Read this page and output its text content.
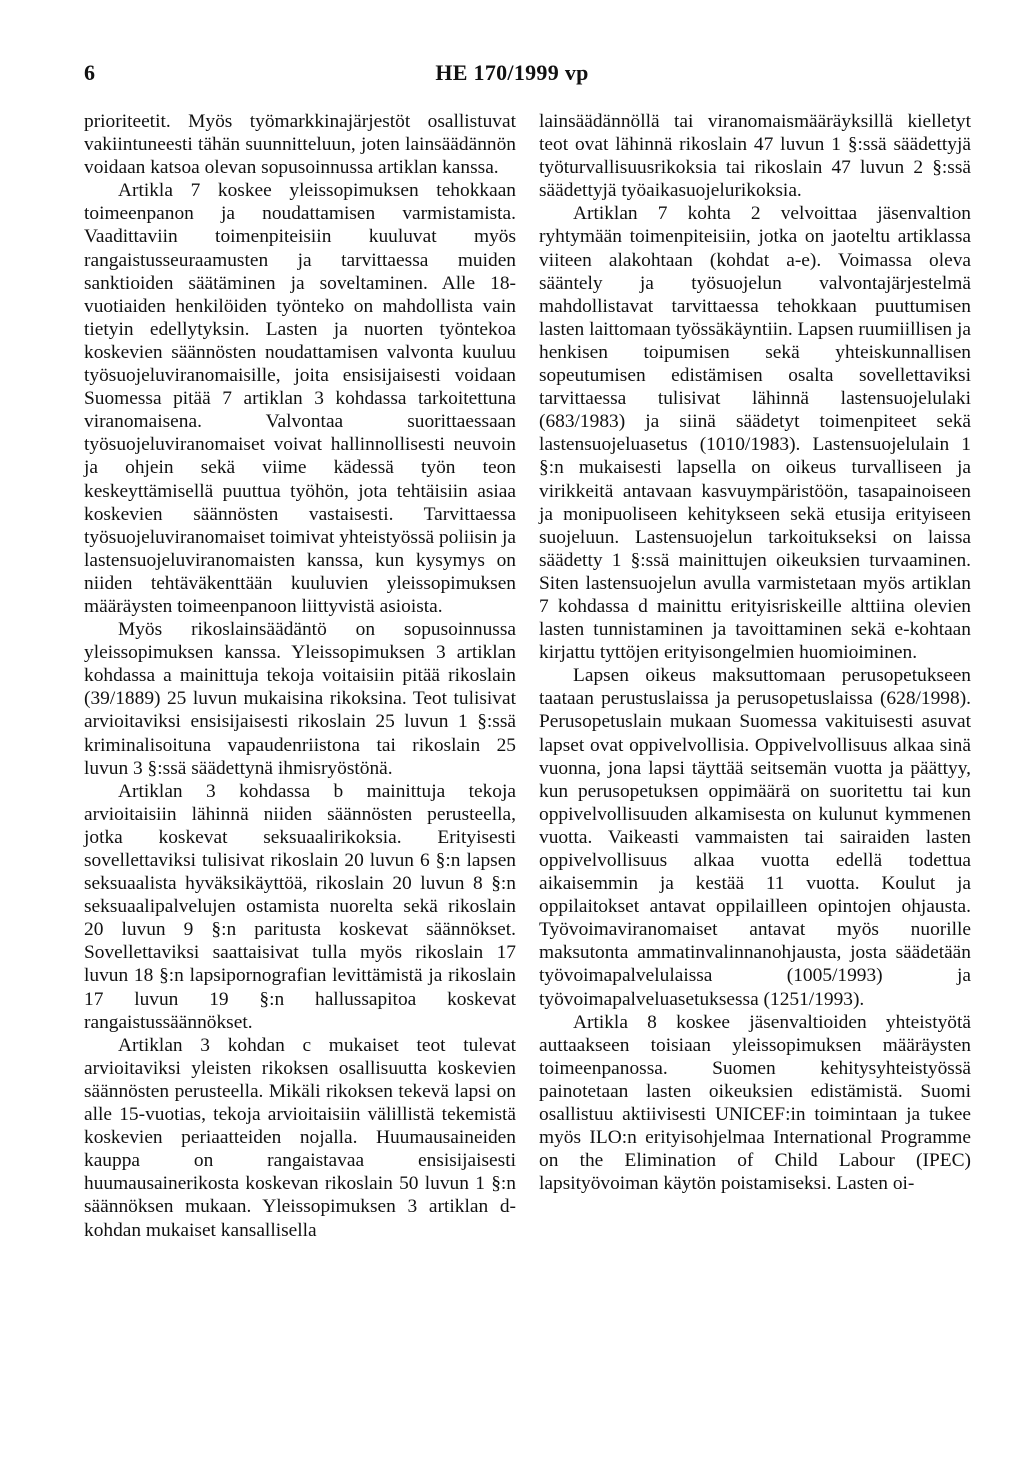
6	HE 170/1999 vp

prioriteetit. Myös työmarkkinajärjestöt osallistuvat vakiintuneesti tähän suunnitteluun, joten lainsäädännön voidaan katsoa olevan sopusoinnussa artiklan kanssa.

Artikla 7 koskee yleissopimuksen tehokkaan toimeenpanon ja noudattamisen varmistamista. Vaadittaviin toimenpiteisiin kuuluvat myös rangaistusseuraamusten ja tarvittaessa muiden sanktioiden säätäminen ja soveltaminen. Alle 18-vuotiaiden henkilöiden työnteko on mahdollista vain tietyin edellytyksin. Lasten ja nuorten työntekoa koskevien säännösten noudattamisen valvonta kuuluu työsuojeluviranomaisille, joita ensisijaisesti voidaan Suomessa pitää 7 artiklan 3 kohdassa tarkoitettuna viranomaisena. Valvontaa suorittaessaan työsuojeluviranomaiset voivat hallinnollisesti neuvoin ja ohjein sekä viime kädessä työn teon keskeyttämisellä puuttua työhön, jota tehtäisiin asiaa koskevien säännösten vastaisesti. Tarvittaessa työsuojeluviranomaiset toimivat yhteistyössä poliisin ja lastensuojeluviranomaisten kanssa, kun kysymys on niiden tehtäväkenttään kuuluvien yleissopimuksen määräysten toimeenpanoon liittyvistä asioista.

Myös rikoslainsäädäntö on sopusoinnussa yleissopimuksen kanssa. Yleissopimuksen 3 artiklan kohdassa a mainittuja tekoja voitaisiin pitää rikoslain (39/1889) 25 luvun mukaisina rikoksina. Teot tulisivat arvioitaviksi ensisijaisesti rikoslain 25 luvun 1 §:ssä kriminalisoituna vapaudenriistona tai rikoslain 25 luvun 3 §:ssä säädettynä ihmisryöstönä.

Artiklan 3 kohdassa b mainittuja tekoja arvioitaisiin lähinnä niiden säännösten perusteella, jotka koskevat seksuaalirikoksia. Erityisesti sovellettaviksi tulisivat rikoslain 20 luvun 6 §:n lapsen seksuaalista hyväksikäyttöä, rikoslain 20 luvun 8 §:n seksuaalipalvelujen ostamista nuorelta sekä rikoslain 20 luvun 9 §:n paritusta koskevat säännökset. Sovellettaviksi saattaisivat tulla myös rikoslain 17 luvun 18 §:n lapsipornografian levittämistä ja rikoslain 17 luvun 19 §:n hallussapitoa koskevat rangaistussäännökset.

Artiklan 3 kohdan c mukaiset teot tulevat arvioitaviksi yleisten rikoksen osallisuutta koskevien säännösten perusteella. Mikäli rikoksen tekevä lapsi on alle 15-vuotias, tekoja arvioitaisiin välillistä tekemistä koskevien periaatteiden nojalla. Huumausaineiden kauppa on rangaistavaa ensisijaisesti huumausainerikosta koskevan rikoslain 50 luvun 1 §:n säännöksen mukaan. Yleissopimuksen 3 artiklan d-kohdan mukaiset kansallisella

lainsäädännöllä tai viranomaismääräyksillä kielletyt teot ovat lähinnä rikoslain 47 luvun 1 §:ssä säädettyjä työturvallisuusrikoksia tai rikoslain 47 luvun 2 §:ssä säädettyjä työaikasuojelurikoksia.

Artiklan 7 kohta 2 velvoittaa jäsenvaltion ryhtymään toimenpiteisiin, jotka on jaoteltu artiklassa viiteen alakohtaan (kohdat a-e). Voimassa oleva sääntely ja työsuojelun valvontajärjestelmä mahdollistavat tarvittaessa tehokkaan puuttumisen lasten laittomaan työssäkäyntiin. Lapsen ruumiillisen ja henkisen toipumisen sekä yhteiskunnallisen sopeutumisen edistämisen osalta sovellettaviksi tarvittaessa tulisivat lähinnä lastensuojelulaki (683/1983) ja siinä säädetyt toimenpiteet sekä lastensuojeluasetus (1010/1983). Lastensuojelulain 1 §:n mukaisesti lapsella on oikeus turvalliseen ja virikkeitä antavaan kasvuympäristöön, tasapainoiseen ja monipuoliseen kehitykseen sekä etusija erityiseen suojeluun. Lastensuojelun tarkoitukseksi on laissa säädetty 1 §:ssä mainittujen oikeuksien turvaaminen. Siten lastensuojelun avulla varmistetaan myös artiklan 7 kohdassa d mainittu erityisriskeille alttiina olevien lasten tunnistaminen ja tavoittaminen sekä e-kohtaan kirjattu tyttöjen erityisongelmien huomioiminen.

Lapsen oikeus maksuttomaan perusopetukseen taataan perustuslaissa ja perusopetuslaissa (628/1998). Perusopetuslain mukaan Suomessa vakituisesti asuvat lapset ovat oppivelvollisia. Oppivelvollisuus alkaa sinä vuonna, jona lapsi täyttää seitsemän vuotta ja päättyy, kun perusopetuksen oppimäärä on suoritettu tai kun oppivelvollisuuden alkamisesta on kulunut kymmenen vuotta. Vaikeasti vammaisten tai sairaiden lasten oppivelvollisuus alkaa vuotta edellä todettua aikaisemmin ja kestää 11 vuotta. Koulut ja oppilaitokset antavat oppilailleen opintojen ohjausta. Työvoimaviranomaiset antavat myös nuorille maksutonta ammatinvalinnanohjausta, josta säädetään työvoimapalvelulaissa (1005/1993) ja työvoimapalveluasetuksessa (1251/1993).

Artikla 8 koskee jäsenvaltioiden yhteistyötä auttaakseen toisiaan yleissopimuksen määräysten toimeenpanossa. Suomen kehitysyhteistyössä painotetaan lasten oikeuksien edistämistä. Suomi osallistuu aktiivisesti UNICEF:in toimintaan ja tukee myös ILO:n erityisohjelmaa International Programme on the Elimination of Child Labour (IPEC) lapsityövoiman käytön poistamiseksi. Lasten oi-
